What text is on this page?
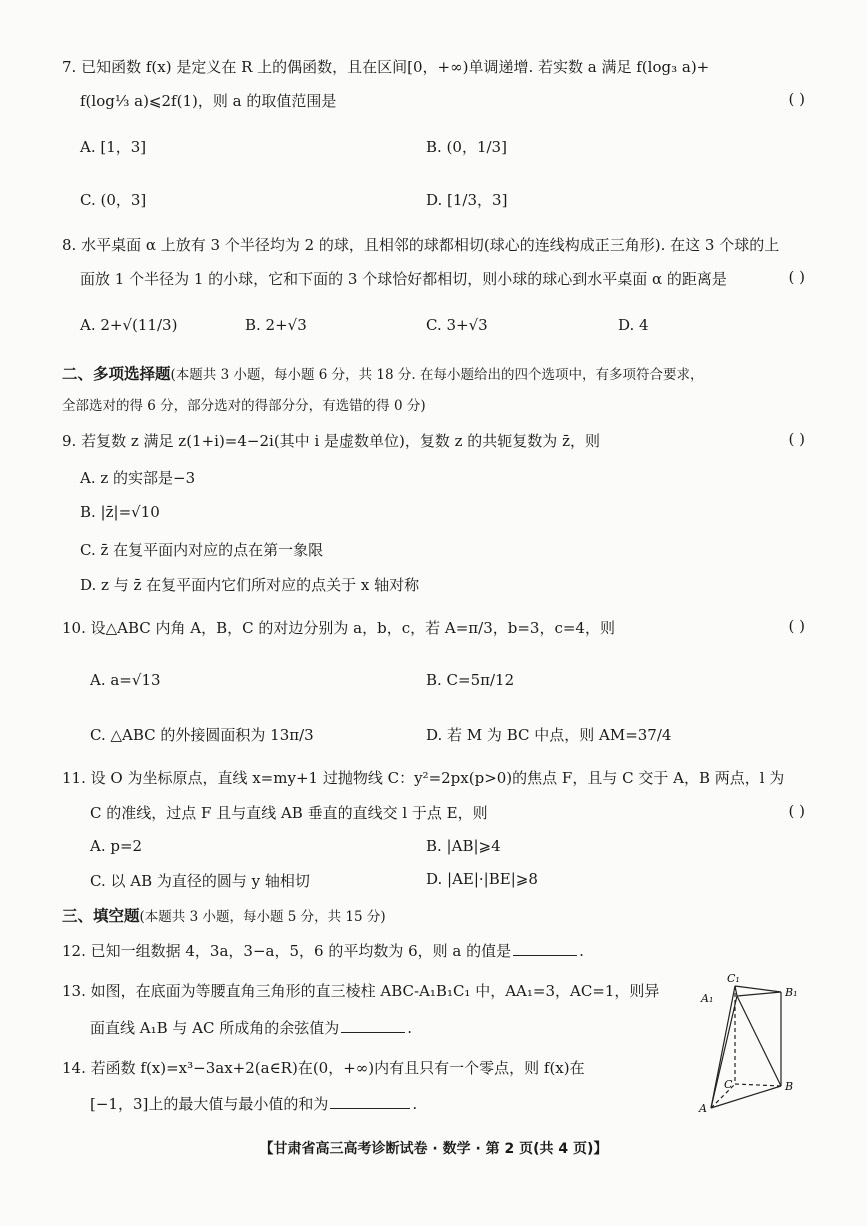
7. 已知函数 f(x) 是定义在 R 上的偶函数，且在区间[0，+∞)单调递增. 若实数 a 满足 f(log₃ a)+
f(log⅓ a)⩽2f(1)，则 a 的取值范围是	( )
A. [1，3]	B. (0，1/3]
C. (0，3]	D. [1/3，3]
8. 水平桌面 α 上放有 3 个半径均为 2 的球，且相邻的球都相切(球心的连线构成正三角形). 在这 3 个球的上
面放 1 个半径为 1 的小球，它和下面的 3 个球恰好都相切，则小球的球心到水平桌面 α 的距离是	( )
A. 2+√(11/3)	B. 2+√3	C. 3+√3	D. 4
二、多项选择题(本题共 3 小题，每小题 6 分，共 18 分. 在每小题给出的四个选项中，有多项符合要求，
全部选对的得 6 分，部分选对的得部分分，有选错的得 0 分)
9. 若复数 z 满足 z(1+i)=4−2i(其中 i 是虚数单位)，复数 z 的共轭复数为 z̄，则	( )
A. z 的实部是−3
B. |z̄|=√10
C. z̄ 在复平面内对应的点在第一象限
D. z 与 z̄ 在复平面内它们所对应的点关于 x 轴对称
10. 设△ABC 内角 A，B，C 的对边分别为 a，b，c，若 A=π/3，b=3，c=4，则	( )
A. a=√13	B. C=5π/12
C. △ABC 的外接圆面积为 13π/3	D. 若 M 为 BC 中点，则 AM=37/4
11. 设 O 为坐标原点，直线 x=my+1 过抛物线 C：y²=2px(p>0)的焦点 F，且与 C 交于 A，B 两点，l 为
C 的准线，过点 F 且与直线 AB 垂直的直线交 l 于点 E，则	( )
A. p=2	B. |AB|⩾4
C. 以 AB 为直径的圆与 y 轴相切	D. |AE|·|BE|⩾8
三、填空题(本题共 3 小题，每小题 5 分，共 15 分)
12. 已知一组数据 4，3a，3−a，5，6 的平均数为 6，则 a 的值是	.
13. 如图，在底面为等腰直角三角形的直三棱柱 ABC-A₁B₁C₁ 中，AA₁=3，AC=1，则异
面直线 A₁B 与 AC 所成角的余弦值为	.
14. 若函数 f(x)=x³−3ax+2(a∈R)在(0，+∞)内有且只有一个零点，则 f(x)在
[−1，3]上的最大值与最小值的和为	.
C₁
B₁
A₁
C	B
A
【甘肃省高三高考诊断试卷 · 数学 · 第 2 页(共 4 页)】
